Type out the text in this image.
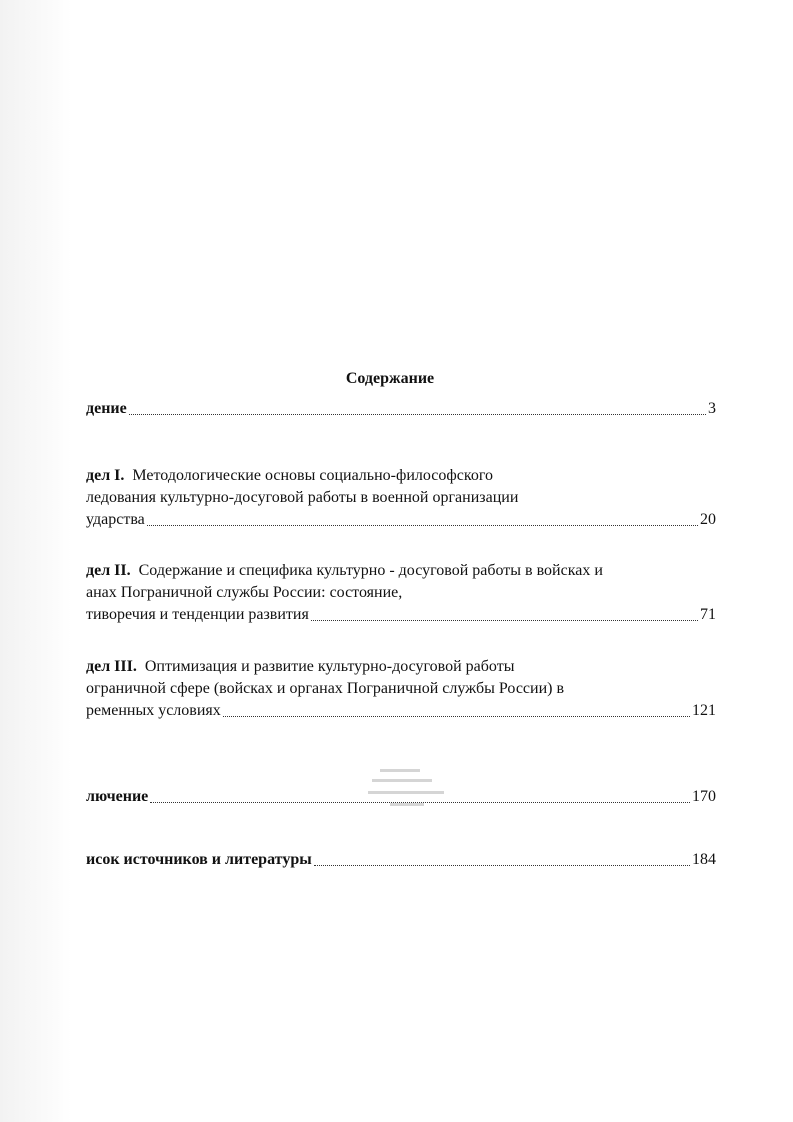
Содержание
дение	3
дел I. Методологические основы социально-философского
ледования культурно-досуговой работы в военной организации
ударства	20
дел II. Содержание и специфика культурно - досуговой работы в войсках и
анах Пограничной службы России: состояние,
тиворечия и тенденции развития	71
дел III. Оптимизация и развитие культурно-досуговой работы
ограничной сфере (войсках и органах Пограничной службы России) в
ременных условиях	121
лючение	170
исок источников и литературы	184
